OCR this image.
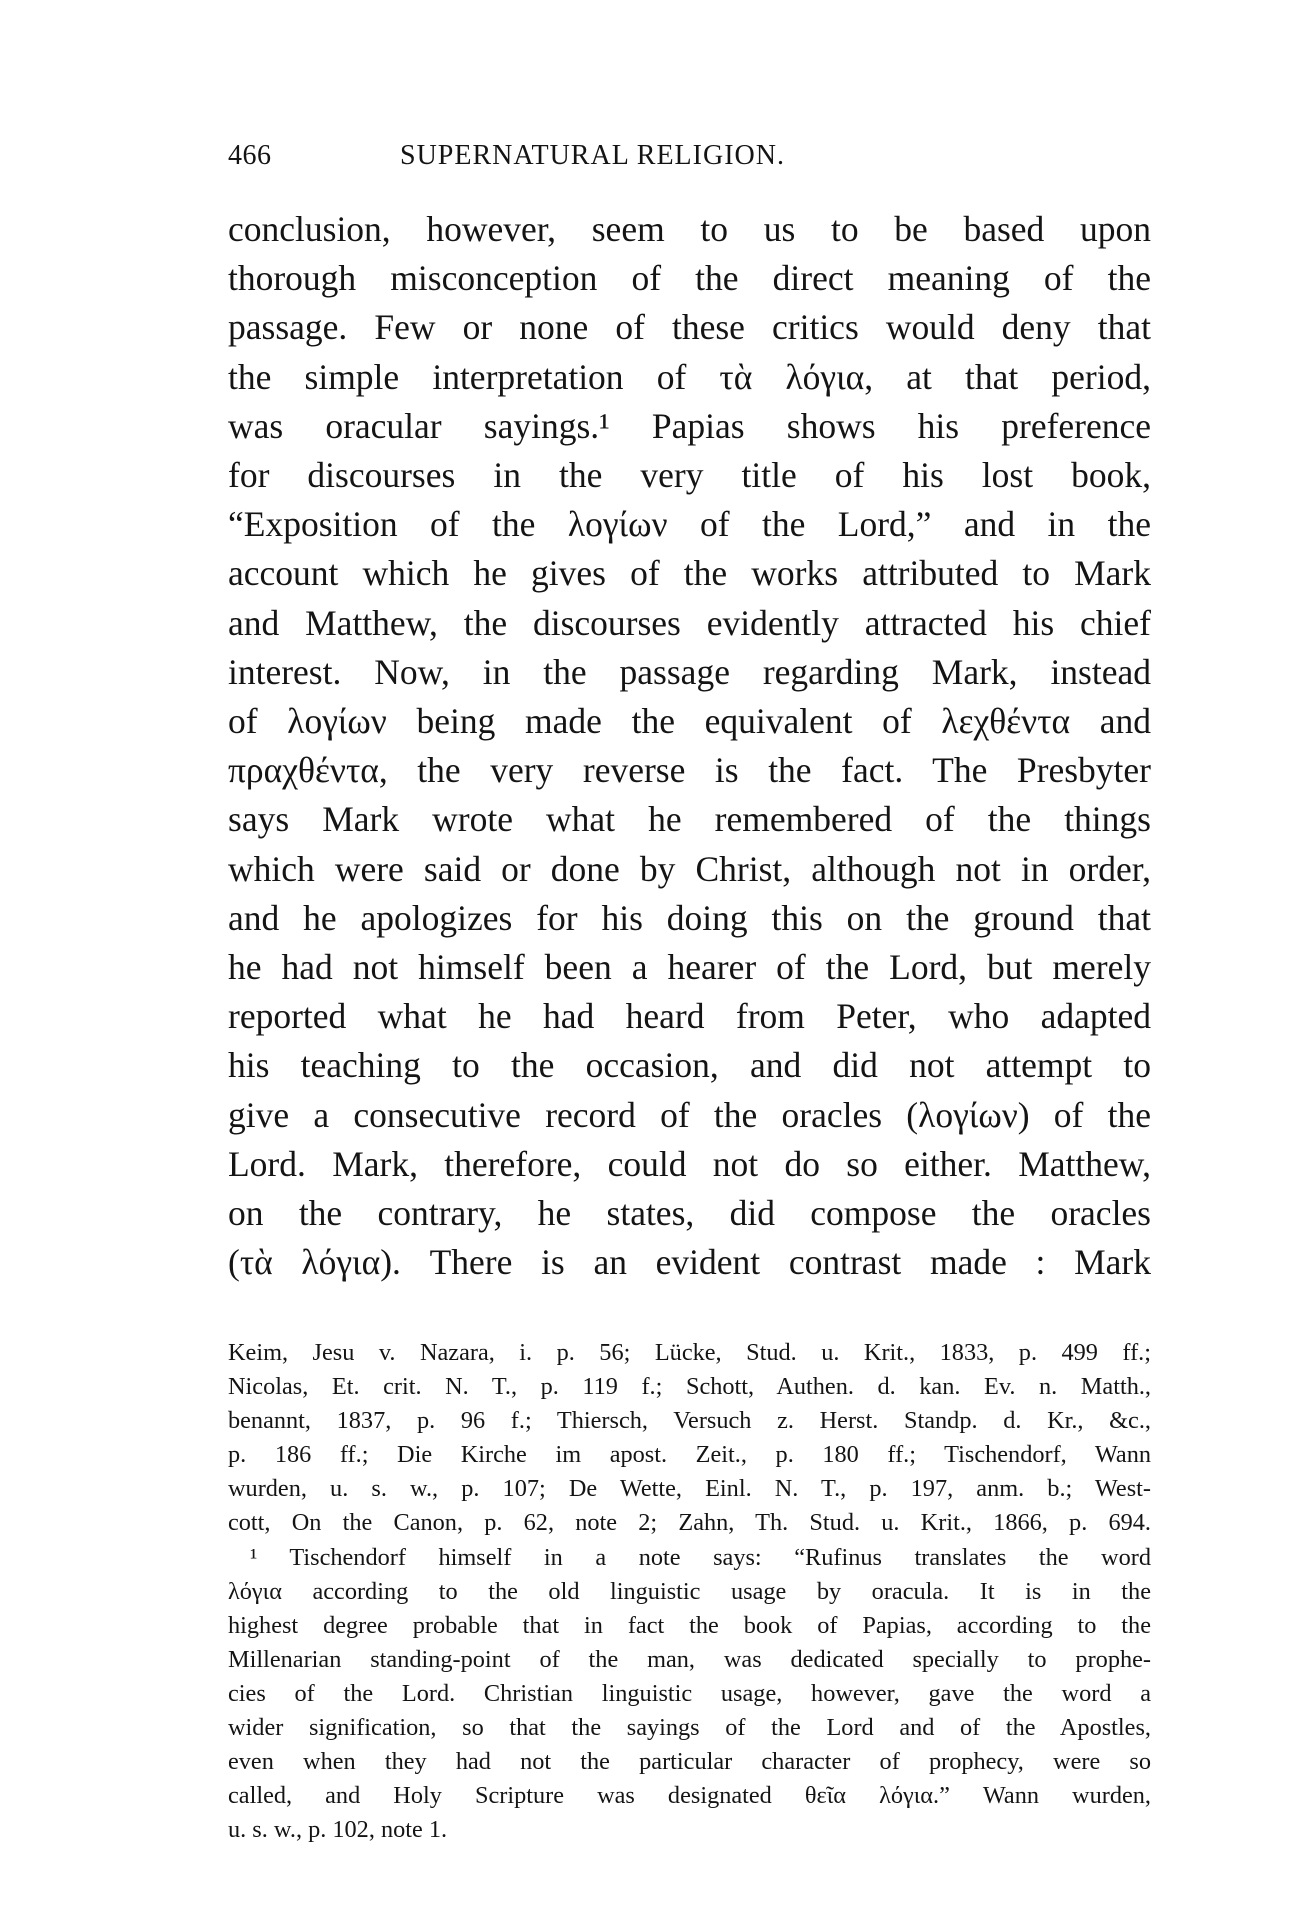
466	SUPERNATURAL RELIGION.
conclusion, however, seem to us to be based upon
thorough misconception of the direct meaning of the
passage. Few or none of these critics would deny that
the simple interpretation of τὰ λόγια, at that period,
was oracular sayings.¹ Papias shows his preference
for discourses in the very title of his lost book,
“Exposition of the λογίων of the Lord,” and in the
account which he gives of the works attributed to Mark
and Matthew, the discourses evidently attracted his chief
interest. Now, in the passage regarding Mark, instead
of λογίων being made the equivalent of λεχθέντα and
πραχθέντα, the very reverse is the fact. The Presbyter
says Mark wrote what he remembered of the things
which were said or done by Christ, although not in order,
and he apologizes for his doing this on the ground that
he had not himself been a hearer of the Lord, but merely
reported what he had heard from Peter, who adapted
his teaching to the occasion, and did not attempt to
give a consecutive record of the oracles (λογίων) of the
Lord. Mark, therefore, could not do so either. Matthew,
on the contrary, he states, did compose the oracles
(τὰ λόγια). There is an evident contrast made : Mark
Keim, Jesu v. Nazara, i. p. 56; Lücke, Stud. u. Krit., 1833, p. 499 ff.;
Nicolas, Et. crit. N. T., p. 119 f.; Schott, Authen. d. kan. Ev. n. Matth.,
benannt, 1837, p. 96 f.; Thiersch, Versuch z. Herst. Standp. d. Kr., &c.,
p. 186 ff.; Die Kirche im apost. Zeit., p. 180 ff.; Tischendorf, Wann
wurden, u. s. w., p. 107; De Wette, Einl. N. T., p. 197, anm. b.; West-
cott, On the Canon, p. 62, note 2; Zahn, Th. Stud. u. Krit., 1866, p. 694.
¹ Tischendorf himself in a note says: “Rufinus translates the word
λόγια according to the old linguistic usage by oracula. It is in the
highest degree probable that in fact the book of Papias, according to the
Millenarian standing-point of the man, was dedicated specially to prophe-
cies of the Lord. Christian linguistic usage, however, gave the word a
wider signification, so that the sayings of the Lord and of the Apostles,
even when they had not the particular character of prophecy, were so
called, and Holy Scripture was designated θεῖα λόγια.” Wann wurden,
u. s. w., p. 102, note 1.
